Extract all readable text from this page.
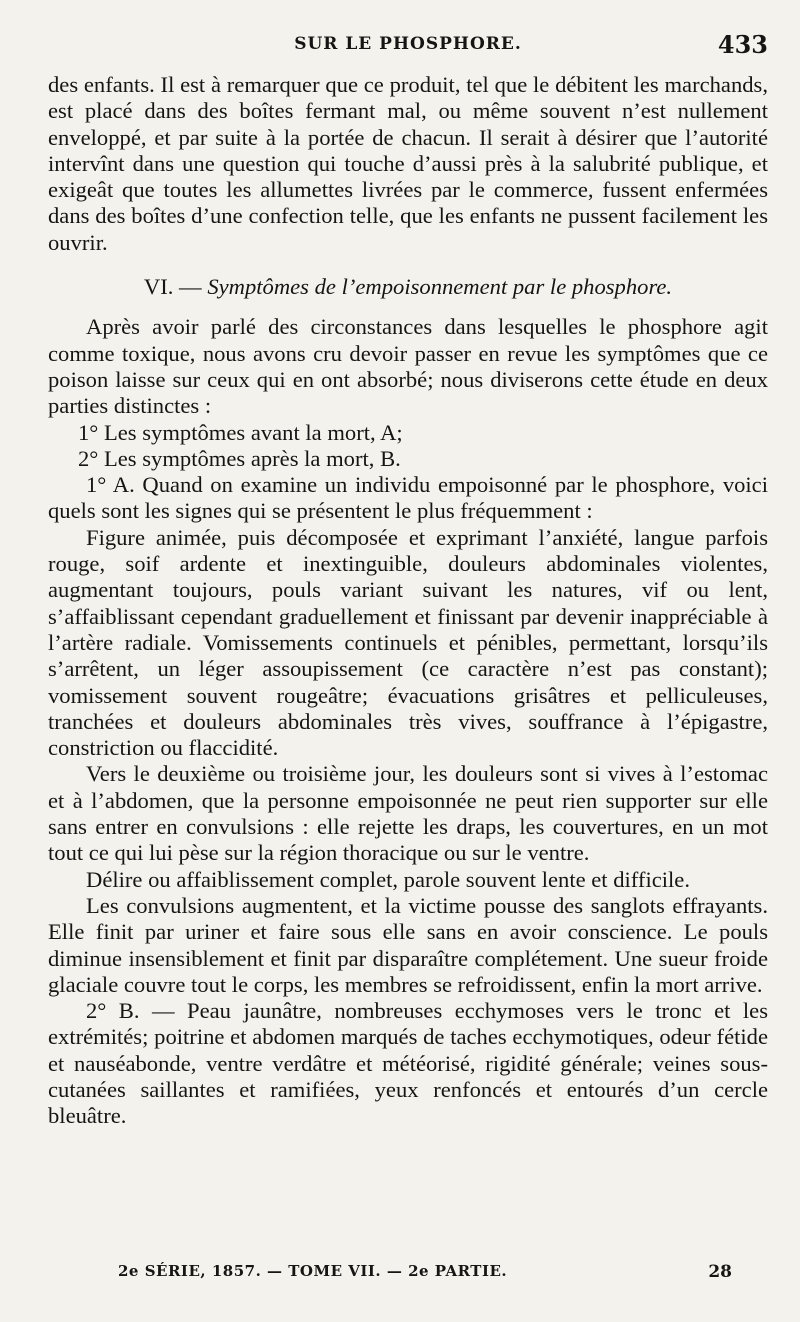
SUR LE PHOSPHORE.	433

des enfants. Il est à remarquer que ce produit, tel que le débitent les marchands, est placé dans des boîtes fermant mal, ou même souvent n’est nullement enveloppé, et par suite à la portée de chacun. Il serait à désirer que l’autorité intervînt dans une question qui touche d’aussi près à la salubrité publique, et exigeât que toutes les allumettes livrées par le commerce, fussent enfermées dans des boîtes d’une confection telle, que les enfants ne pussent facilement les ouvrir.

VI. — Symptômes de l’empoisonnement par le phosphore.

Après avoir parlé des circonstances dans lesquelles le phosphore agit comme toxique, nous avons cru devoir passer en revue les symptômes que ce poison laisse sur ceux qui en ont absorbé; nous diviserons cette étude en deux parties distinctes :

1° Les symptômes avant la mort, A;

2° Les symptômes après la mort, B.

1° A. Quand on examine un individu empoisonné par le phosphore, voici quels sont les signes qui se présentent le plus fréquemment :

Figure animée, puis décomposée et exprimant l’anxiété, langue parfois rouge, soif ardente et inextinguible, douleurs abdominales violentes, augmentant toujours, pouls variant suivant les natures, vif ou lent, s’affaiblissant cependant graduellement et finissant par devenir inappréciable à l’artère radiale. Vomissements continuels et pénibles, permettant, lorsqu’ils s’arrêtent, un léger assoupissement (ce caractère n’est pas constant); vomissement souvent rougeâtre; évacuations grisâtres et pelliculeuses, tranchées et douleurs abdominales très vives, souffrance à l’épigastre, constriction ou flaccidité.

Vers le deuxième ou troisième jour, les douleurs sont si vives à l’estomac et à l’abdomen, que la personne empoisonnée ne peut rien supporter sur elle sans entrer en convulsions : elle rejette les draps, les couvertures, en un mot tout ce qui lui pèse sur la région thoracique ou sur le ventre.

Délire ou affaiblissement complet, parole souvent lente et difficile.

Les convulsions augmentent, et la victime pousse des sanglots effrayants. Elle finit par uriner et faire sous elle sans en avoir conscience. Le pouls diminue insensiblement et finit par disparaître complétement. Une sueur froide glaciale couvre tout le corps, les membres se refroidissent, enfin la mort arrive.

2° B. — Peau jaunâtre, nombreuses ecchymoses vers le tronc et les extrémités; poitrine et abdomen marqués de taches ecchymotiques, odeur fétide et nauséabonde, ventre verdâtre et météorisé, rigidité générale; veines sous-cutanées saillantes et ramifiées, yeux renfoncés et entourés d’un cercle bleuâtre.

2e SÉRIE, 1857. — TOME VII. — 2e PARTIE.	28
